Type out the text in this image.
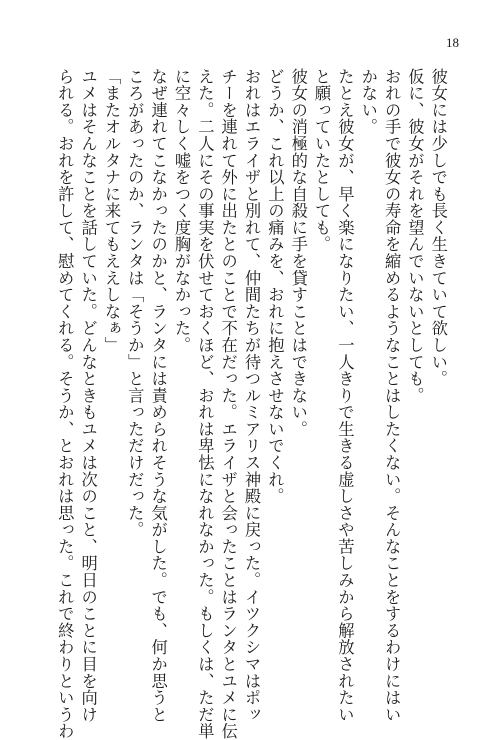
18
彼女には少しでも長く生きていて欲しい。
仮に、彼女がそれを望んでいないとしても。
おれの手で彼女の寿命を縮めるようなことはしたくない。そんなことをするわけにはい
かない。
たとえ彼女が、早く楽になりたい、一人きりで生きる虚しさや苦しみから解放されたい
と願っていたとしても。
彼女の消極的な自殺に手を貸すことはできない。
どうか、これ以上の痛みを、おれに抱えさせないでくれ。
おれはエライザと別れて、仲間たちが待つルミアリス神殿に戻った。イツクシマはポッ
チーを連れて外に出たとのことで不在だった。エライザと会ったことはランタとユメに伝
えた。二人にその事実を伏せておくほど、おれは卑怯になれなかった。もしくは、ただ単
に空々しく嘘をつく度胸がなかった。
なぜ連れてこなかったのかと、ランタには責められそうな気がした。でも、何か思うと
ころがあったのか、ランタは「そうか」と言っただけだった。
「またオルタナに来てもええしなぁ」
ユメはそんなことを話していた。どんなときもユメは次のこと、明日のことに目を向け
られる。おれを許して、慰めてくれる。そうか、とおれは思った。これで終わりというわ
